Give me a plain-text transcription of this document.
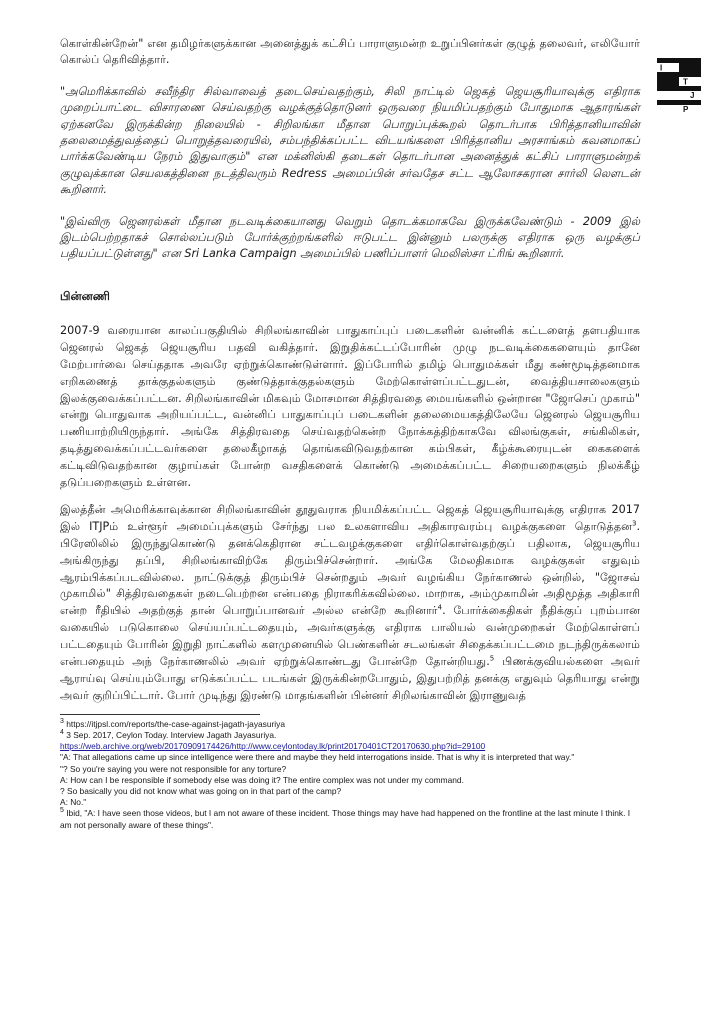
I
T
J
P

கொள்கின்றேன்" என தமிழர்களுக்கான அனைத்துக் கட்சிப் பாராளுமன்ற உறுப்பினர்கள் குழுத் தலைவர், எலியோர் கொல்ப் தெரிவித்தார்.

"அமெரிக்காவில் சவீந்திர சில்வாவைத் தடைசெய்வதற்கும், சிலி நாட்டில் ஜெகத் ஜெயசூரியாவுக்கு எதிராக முறைப்பாட்டை விசாரணை செய்வதற்கு வழக்குத்தொடுனர் ஒருவரை நியமிப்பதற்கும் போதுமாக ஆதாரங்கள் ஏற்கனவே இருக்கின்ற நிலையில் - சிறிலங்கா மீதான பொறுப்புக்கூறல் தொடர்பாக பிரித்தானியாவின் தலைமைத்துவத்தைப் பொறுத்தவரையில், சம்பந்திக்கப்பட்ட விடயங்களை பிரித்தானிய அரசாங்கம் கவனமாகப் பார்க்கவேண்டிய நேரம் இதுவாகும்" என மக்னிஸ்கி தடைகள் தொடர்பான அனைத்துக் கட்சிப் பாராளுமன்றக் குழுவுக்கான செயலகத்தினை நடத்திவரும் Redress அமைப்பின் சர்வதேச சட்ட ஆலோசகரான சார்லி லௌடன் கூறினார்.

"இவ்விரு ஜெனரல்கள் மீதான நடவடிக்கையானது வெறும் தொடக்கமாகவே இருக்கவேண்டும் - 2009 இல் இடம்பெற்றதாகச் சொல்லப்படும் போர்க்குற்றங்களில் ஈடுபட்ட இன்னும் பலருக்கு எதிராக ஒரு வழக்குப் பதியப்பட்டுள்ளது" என Sri Lanka Campaign அமைப்பில் பணிப்பாளர் மெலிஸ்சா ட்ரிங் கூறினார்.

பின்னணி

2007-9 வரையான காலப்பகுதியில் சிறிலங்காவின் பாதுகாப்புப் படைகளின் வன்னிக் கட்டளைத் தளபதியாக ஜெனரல் ஜெகத் ஜெயசூரிய பதவி வகித்தார். இறுதிக்கட்டப்போரின் முழு நடவடிக்கைகளையும் தானே மேற்பார்வை செய்ததாக அவரே ஏற்றுக்கொண்டுள்ளார். இப்போரில் தமிழ் பொதுமக்கள் மீது கண்மூடித்தனமாக எறிகணைத் தாக்குதல்களும் குண்டுத்தாக்குதல்களும் மேற்கொள்ளப்பட்டதுடன், வைத்தியசாலைகளும் இலக்குவைக்கப்பட்டன. சிறிலங்காவின் மிகவும் மோசமான சித்திரவதை மையங்களில் ஒன்றான "ஜோசெப் முகாம்" என்று பொதுவாக அறியப்பட்ட, வன்னிப் பாதுகாப்புப் படைகளின் தலைமையகத்திலேயே ஜெனரல் ஜெயசூரிய பணியாற்றியிருந்தார். அங்கே சித்திரவதை செய்வதற்கென்ற நோக்கத்திற்காகவே விலங்குகள், சங்கிலிகள், தடித்துவைக்கப்பட்டவர்களை தலைகீழாகத் தொங்கவிடுவதற்கான கம்பிகள், கீழ்க்கூரையுடன் கைகளைக் கட்டிவிடுவதற்கான குழாய்கள் போன்ற வசதிகளைக் கொண்டு அமைக்கப்பட்ட சிறையறைகளும் நிலக்கீழ் தடுப்பறைகளும் உள்ளன.

இலத்தீன் அமெரிக்காவுக்கான சிறிலங்காவின் தூதுவராக நியமிக்கப்பட்ட ஜெகத் ஜெயசூரியாவுக்கு எதிராக 2017 இல் ITJPம் உள்ளூர் அமைப்புக்களும் சேர்ந்து பல உலகளாவிய அதிகாரவரம்பு வழக்குகளை தொடுத்தன$^3$. பிரேஸிலில் இருந்துகொண்டு தனக்கெதிரான சட்டவழக்குகளை எதிர்கொள்வதற்குப் பதிலாக, ஜெயசூரிய அங்கிருந்து தப்பி, சிறிலங்காவிற்கே திரும்பிச்சென்றார். அங்கே மேலதிகமாக வழக்குகள் எதுவும் ஆரம்பிக்கப்படவில்லை. நாட்டுக்குத் திரும்பிச் சென்றதும் அவர் வழங்கிய நேர்காணல் ஒன்றில், "ஜோசவ் முகாமில்" சித்திரவதைகள் நடைபெற்றன என்பதை நிராகரிக்கவில்லை. மாறாக, அம்முகாமின் அதிமூத்த அதிகாரி என்ற ரீதியில் அதற்குத் தான் பொறுப்பானவர் அல்ல என்றே கூறினார்$^4$. போர்க்கைதிகள் நீதிக்குப் புறம்பான வகையில் படுகொலை செய்யப்பட்டதையும், அவர்களுக்கு எதிராக பாலியல் வன்முறைகள் மேற்கொள்ளப் பட்டதையும் போரின் இறுதி நாட்களில் களமுனையில் பெண்களின் சடலங்கள் சிதைக்கப்பட்டமை நடந்திருக்கலாம் என்பதையும் அந் நேர்காணலில் அவர் ஏற்றுக்கொண்டது போன்றே தோன்றியது.$^5$ பிணக்குவியல்களை அவர் ஆராய்வு செய்யும்போது எடுக்கப்பட்ட படங்கள் இருக்கின்றபோதும், இதுபற்றித் தனக்கு எதுவும் தெரியாது என்று அவர் குறிப்பிட்டார். போர் முடிந்து இரண்டு மாதங்களின் பின்னர் சிறிலங்காவின் இராணுவத்

$^3$ https://itjpsl.com/reports/the-case-against-jagath-jayasuriya

$^4$ 3 Sep. 2017, Ceylon Today. Interview Jagath Jayasuriya.

https://web.archive.org/web/20170909174426/http://www.ceylontoday.lk/print20170401CT20170630.php?id=29100

"A: That allegations came up since intelligence were there and maybe they held interrogations inside. That is why it is interpreted that way."

"? So you're saying you were not responsible for any torture?

A: How can I be responsible if somebody else was doing it? The entire complex was not under my command.

? So basically you did not know what was going on in that part of the camp?

A: No."

$^5$ Ibid, "A: I have seen those videos, but I am not aware of these incident. Those things may have had happened on the frontline at the last minute I think. I am not personally aware of these things".
